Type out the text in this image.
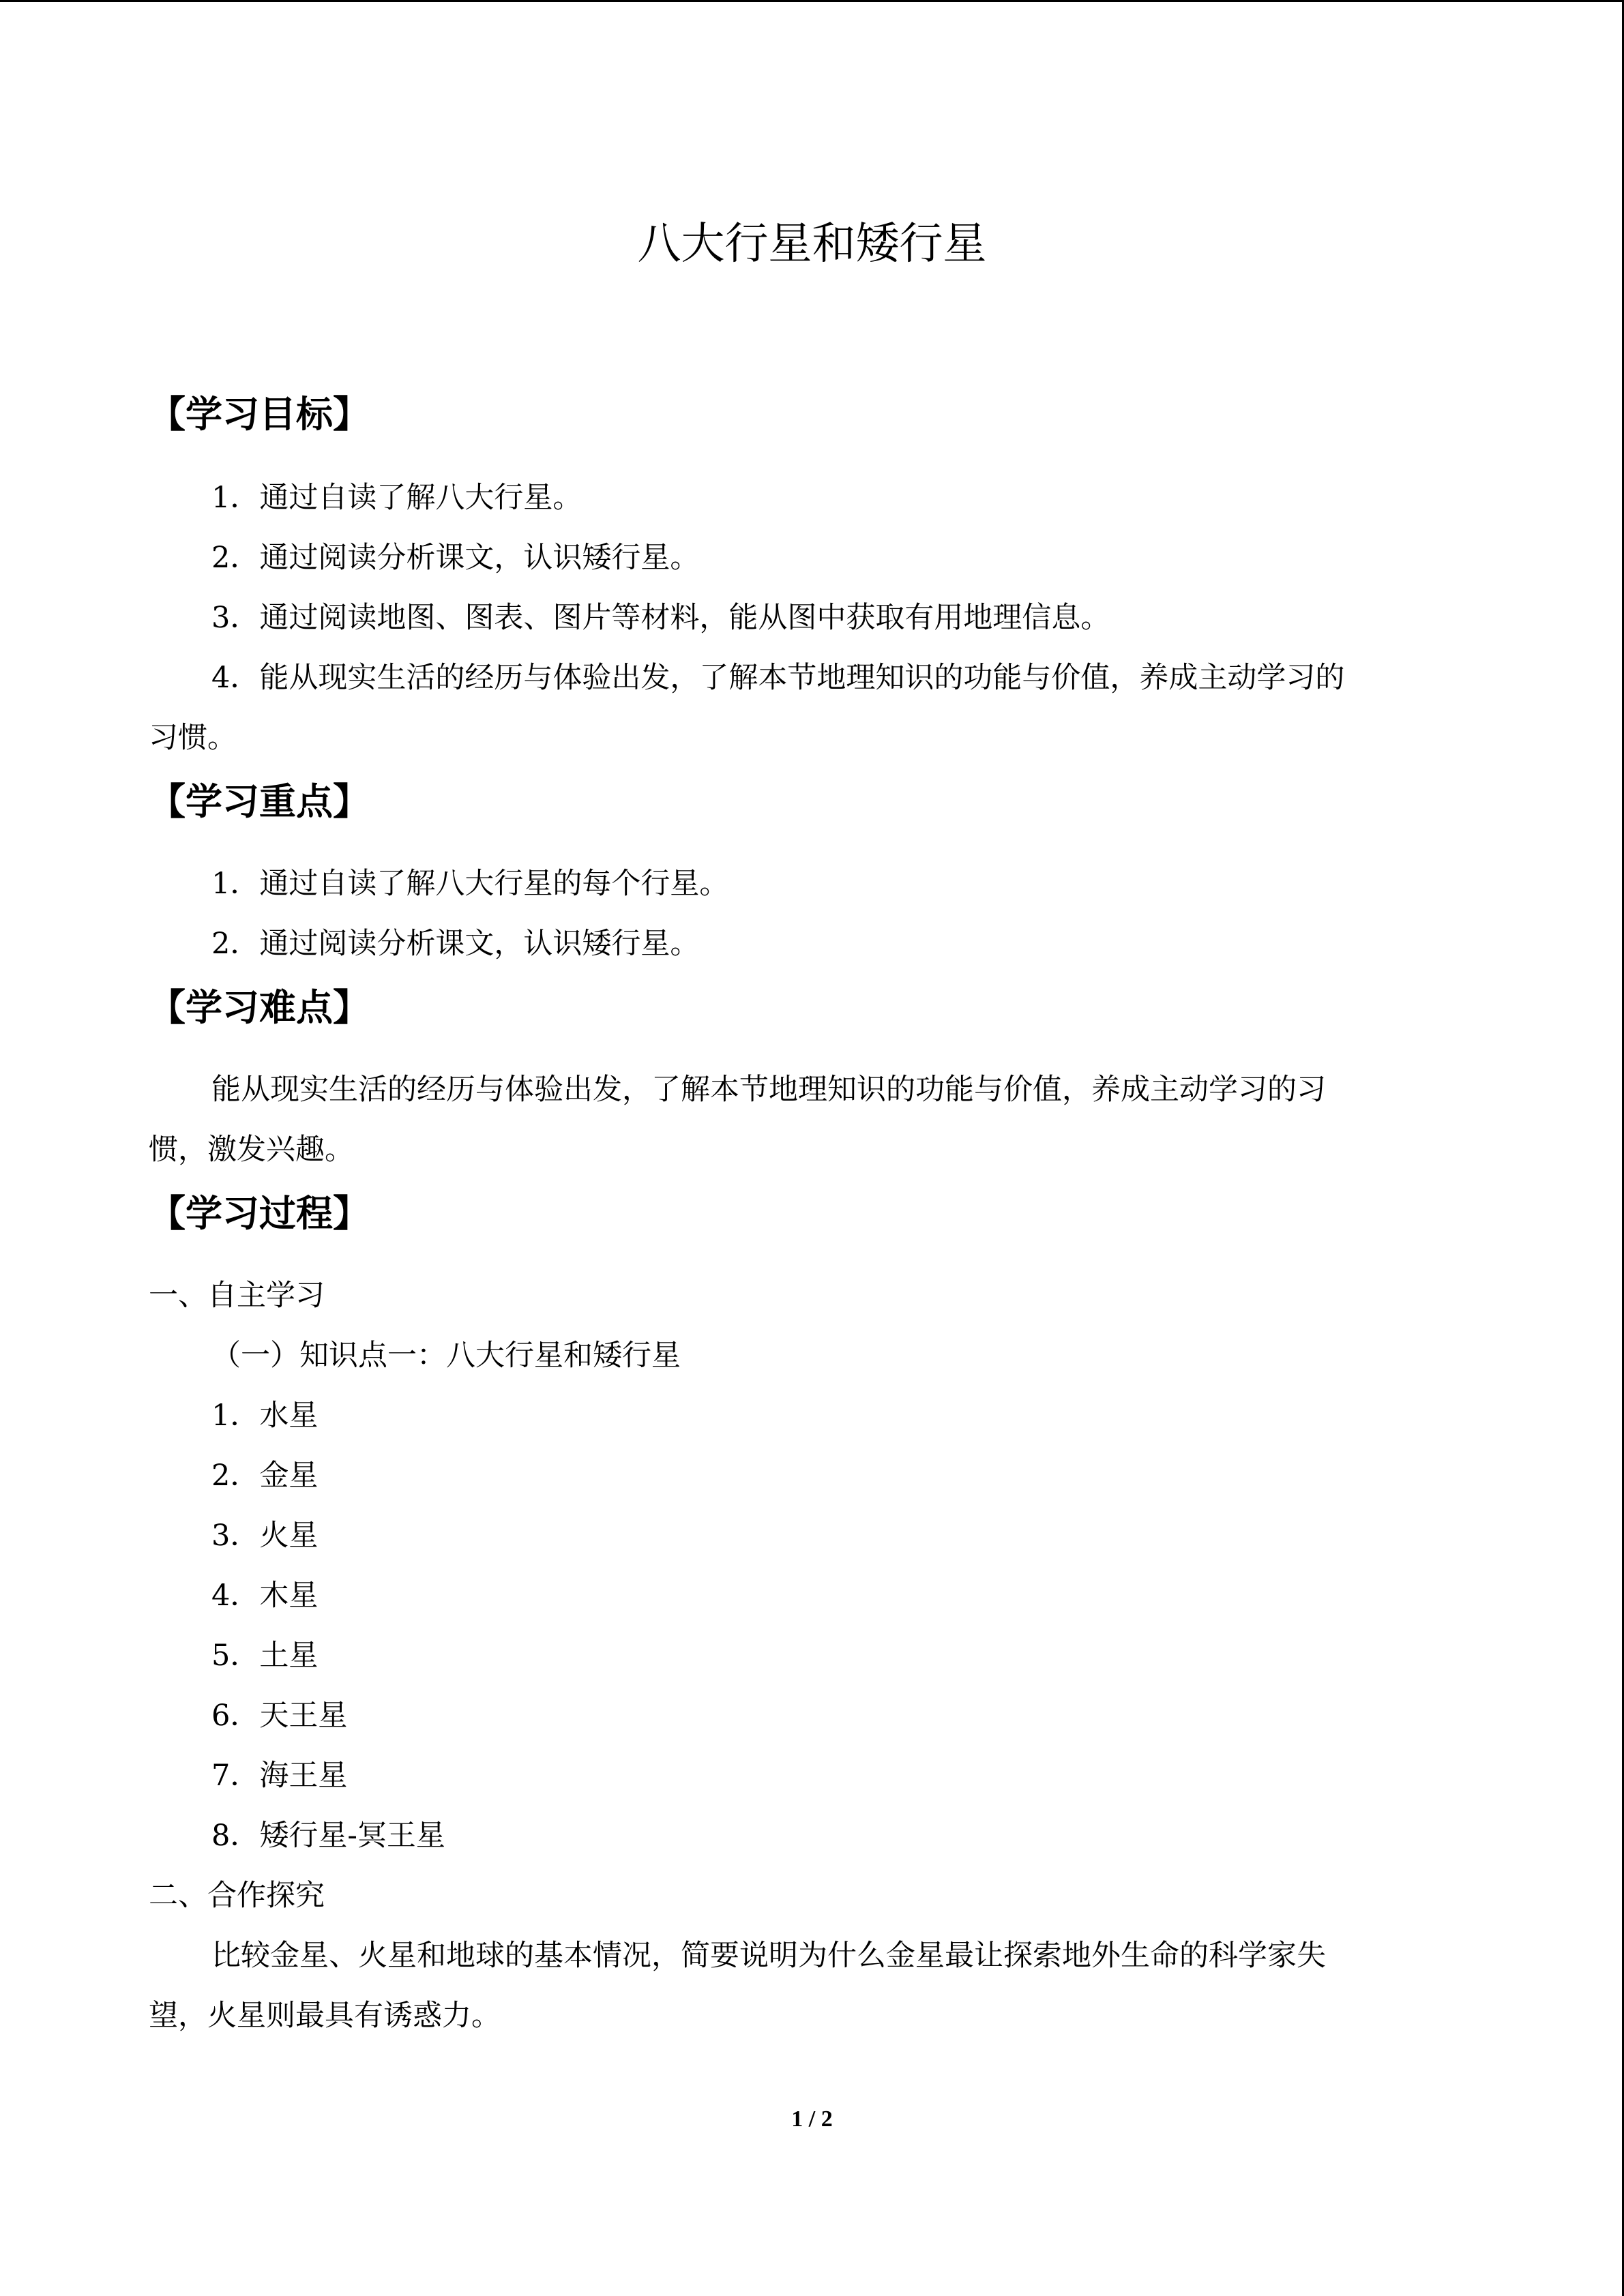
八大行星和矮行星
【学习目标】
1．通过自读了解八大行星。
2．通过阅读分析课文，认识矮行星。
3．通过阅读地图、图表、图片等材料，能从图中获取有用地理信息。
4．能从现实生活的经历与体验出发，了解本节地理知识的功能与价值，养成主动学习的
习惯。
【学习重点】
1．通过自读了解八大行星的每个行星。
2．通过阅读分析课文，认识矮行星。
【学习难点】
能从现实生活的经历与体验出发，了解本节地理知识的功能与价值，养成主动学习的习
惯，激发兴趣。
【学习过程】
一、自主学习
（一）知识点一：八大行星和矮行星
1．水星
2．金星
3．火星
4．木星
5．土星
6．天王星
7．海王星
8．矮行星-冥王星
二、合作探究
比较金星、火星和地球的基本情况，简要说明为什么金星最让探索地外生命的科学家失
望，火星则最具有诱惑力。
1 / 2
